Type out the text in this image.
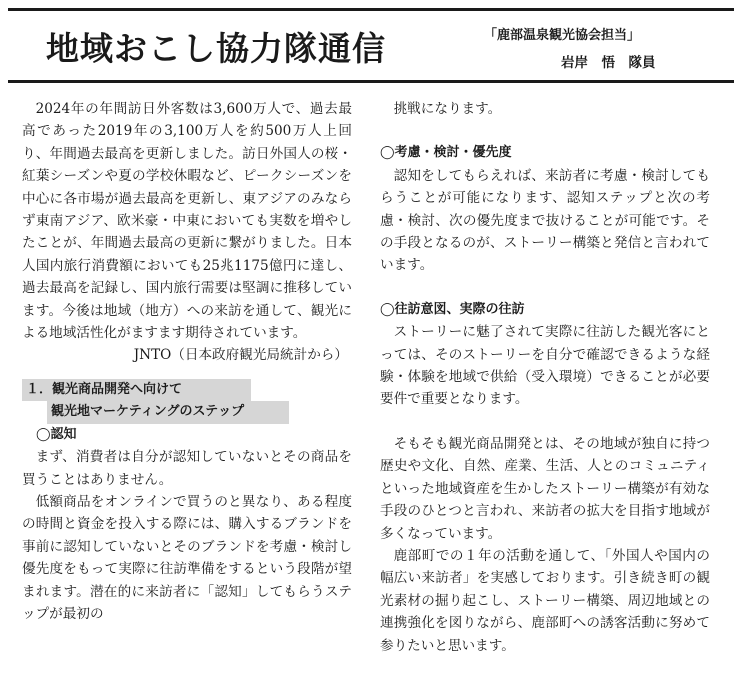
地域おこし協力隊通信	「鹿部温泉観光協会担当」
岩岸　悟　隊員

2024年の年間訪日外客数は3,600万人で、過去最高であった2019年の3,100万人を約500万人上回り、年間過去最高を更新しました。訪日外国人の桜・紅葉シーズンや夏の学校休暇など、ピークシーズンを中心に各市場が過去最高を更新し、東アジアのみならず東南アジア、欧米豪・中東においても実数を増やしたことが、年間過去最高の更新に繋がりました。日本人国内旅行消費額においても25兆1175億円に達し、過去最高を記録し、国内旅行需要は堅調に推移しています。今後は地域（地方）への来訪を通して、観光による地域活性化がますます期待されています。

JNTO（日本政府観光局統計から）

１．観光商品開発へ向けて

観光地マーケティングのステップ

◯認知

まず、消費者は自分が認知していないとその商品を買うことはありません。

低額商品をオンラインで買うのと異なり、ある程度の時間と資金を投入する際には、購入するブランドを事前に認知していないとそのブランドを考慮・検討し優先度をもって実際に往訪準備をするという段階が望まれます。潜在的に来訪者に「認知」してもらうステップが最初の

挑戦になります。

◯考慮・検討・優先度

認知をしてもらえれば、来訪者に考慮・検討してもらうことが可能になります、認知ステップと次の考慮・検討、次の優先度まで抜けることが可能です。その手段となるのが、ストーリー構築と発信と言われています。

◯往訪意図、実際の往訪

ストーリーに魅了されて実際に往訪した観光客にとっては、そのストーリーを自分で確認できるような経験・体験を地域で供給（受入環境）できることが必要要件で重要となります。

そもそも観光商品開発とは、その地域が独自に持つ歴史や文化、自然、産業、生活、人とのコミュニティといった地域資産を生かしたストーリー構築が有効な手段のひとつと言われ、来訪者の拡大を目指す地域が多くなっています。

鹿部町での１年の活動を通して、「外国人や国内の幅広い来訪者」を実感しております。引き続き町の観光素材の掘り起こし、ストーリー構築、周辺地域との連携強化を図りながら、鹿部町への誘客活動に努めて参りたいと思います。
